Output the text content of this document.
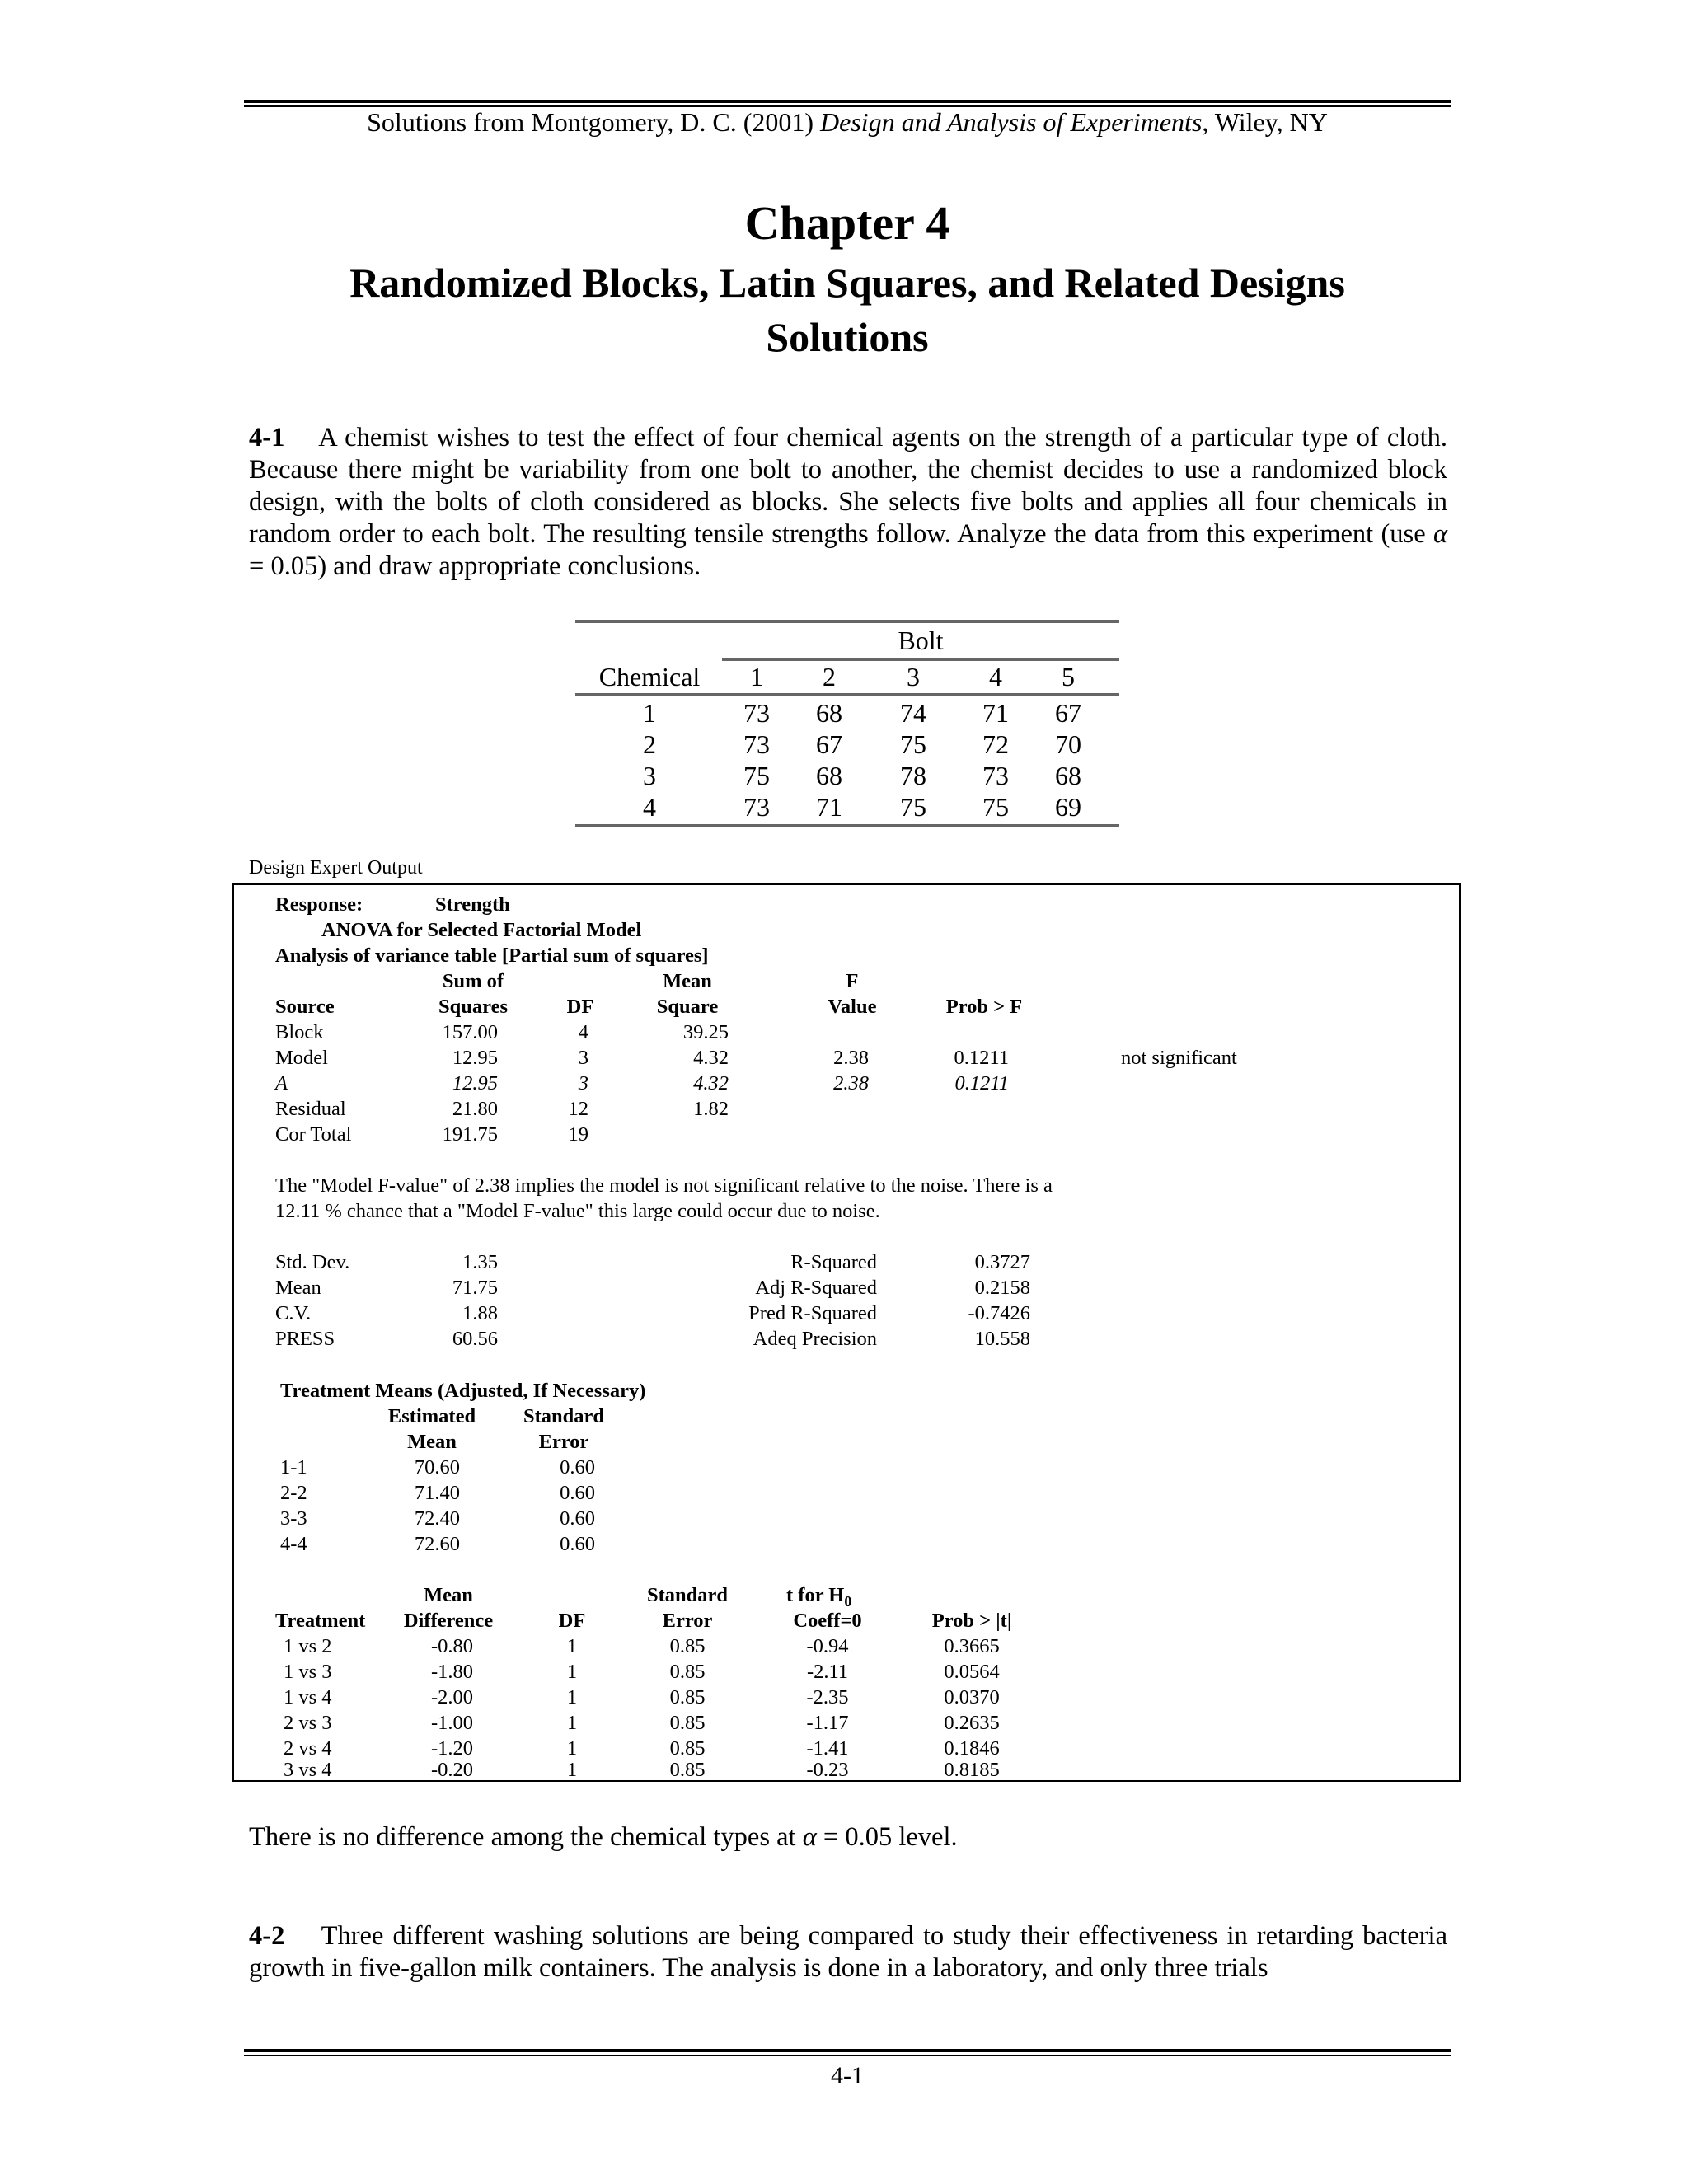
Solutions from Montgomery, D. C. (2001) Design and Analysis of Experiments, Wiley, NY
Chapter 4
Randomized Blocks, Latin Squares, and Related Designs
Solutions
4-1 A chemist wishes to test the effect of four chemical agents on the strength of a particular type of cloth. Because there might be variability from one bolt to another, the chemist decides to use a randomized block design, with the bolts of cloth considered as blocks. She selects five bolts and applies all four chemicals in random order to each bolt. The resulting tensile strengths follow. Analyze the data from this experiment (use α = 0.05) and draw appropriate conclusions.
Bolt
Chemical	1	2	3	4	5
1	73	68	74	71	67
2	73	67	75	72	70
3	75	68	78	73	68
4	73	71	75	75	69
Design Expert Output
Response:	Strength
ANOVA for Selected Factorial Model
Analysis of variance table [Partial sum of squares]
Sum of	Mean	F
Source	Squares	DF	Square	Value	Prob > F
Block	157.00	4	39.25
Model	12.95	3	4.32	2.38	0.1211	not significant
A	12.95	3	4.32	2.38	0.1211
Residual	21.80	12	1.82
Cor Total	191.75	19
The "Model F-value" of 2.38 implies the model is not significant relative to the noise. There is a
12.11 % chance that a "Model F-value" this large could occur due to noise.
Std. Dev.	1.35	R-Squared	0.3727
Mean	71.75	Adj R-Squared	0.2158
C.V.	1.88	Pred R-Squared	-0.7426
PRESS	60.56	Adeq Precision	10.558
Treatment Means (Adjusted, If Necessary)
Estimated	Standard
Mean	Error
1-1	70.60	0.60
2-2	71.40	0.60
3-3	72.40	0.60
4-4	72.60	0.60
Mean	Standard	t for $H_0$
Treatment	Difference	DF	Error	Coeff=0	Prob > |t|
1 vs 2	-0.80	1	0.85	-0.94	0.3665
1 vs 3	-1.80	1	0.85	-2.11	0.0564
1 vs 4	-2.00	1	0.85	-2.35	0.0370
2 vs 3	-1.00	1	0.85	-1.17	0.2635
2 vs 4	-1.20	1	0.85	-1.41	0.1846
3 vs 4	-0.20	1	0.85	-0.23	0.8185
There is no difference among the chemical types at α = 0.05 level.
4-2 Three different washing solutions are being compared to study their effectiveness in retarding bacteria growth in five-gallon milk containers. The analysis is done in a laboratory, and only three trials
4-1
